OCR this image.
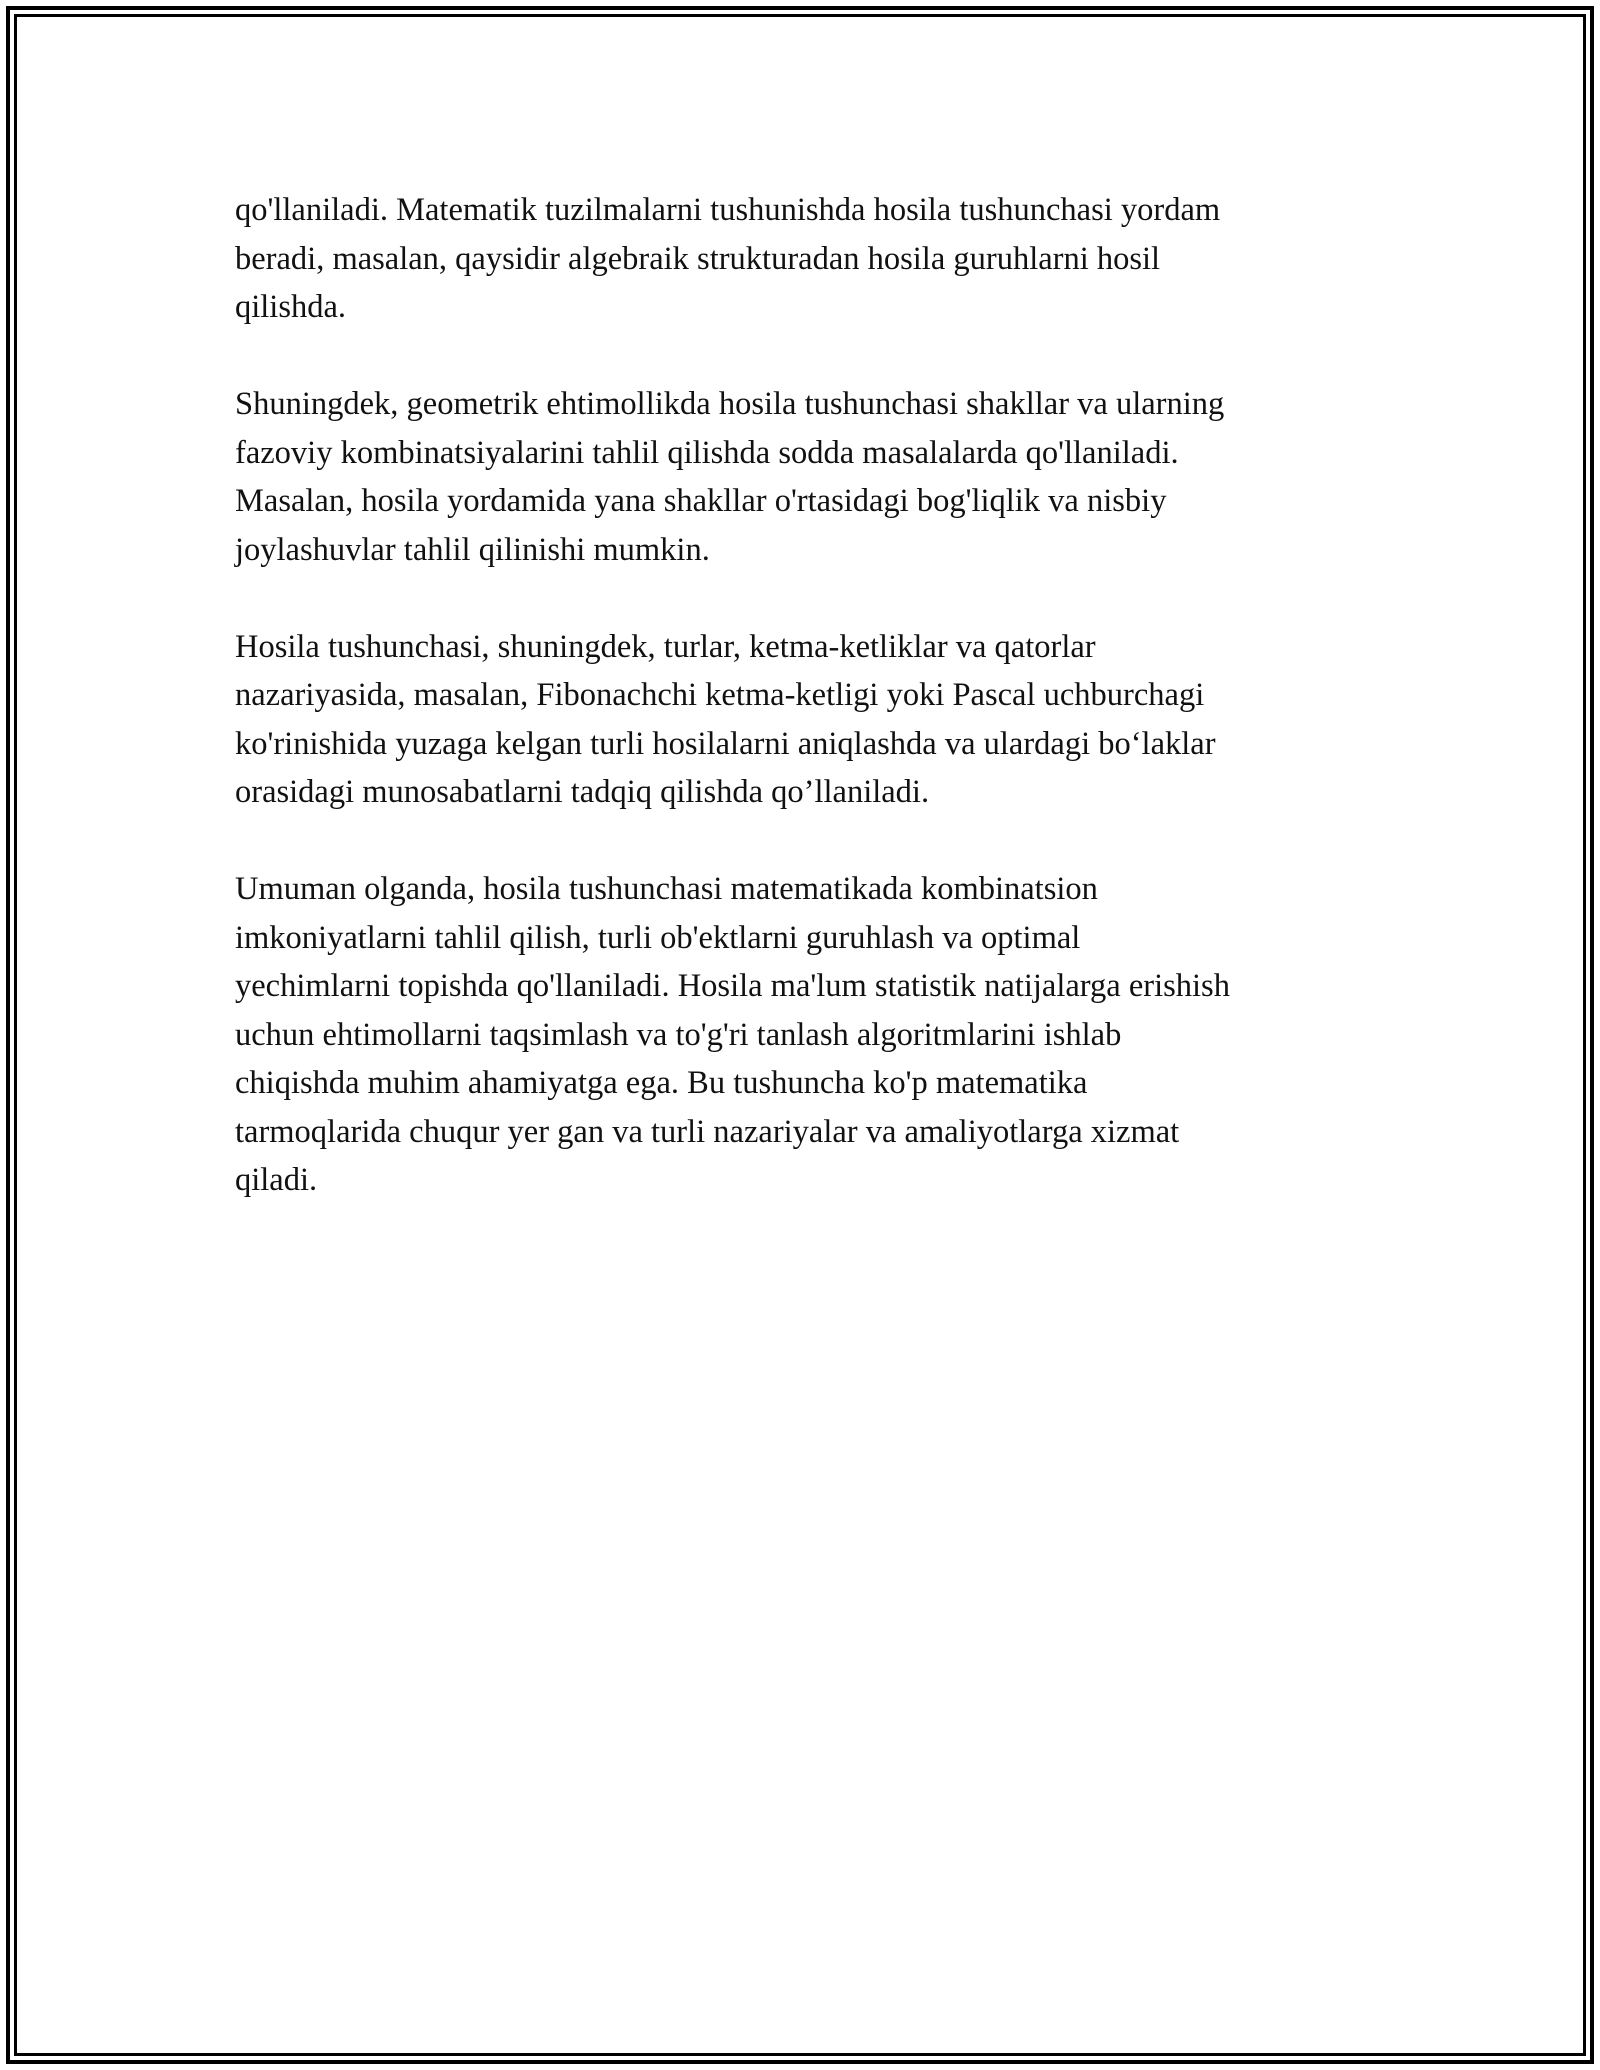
qo'llaniladi. Matematik tuzilmalarni tushunishda hosila tushunchasi yordam
beradi, masalan, qaysidir algebraik strukturadan hosila guruhlarni hosil
qilishda.

Shuningdek, geometrik ehtimollikda hosila tushunchasi shakllar va ularning
fazoviy kombinatsiyalarini tahlil qilishda sodda masalalarda qo'llaniladi.
Masalan, hosila yordamida yana shakllar o'rtasidagi bog'liqlik va nisbiy
joylashuvlar tahlil qilinishi mumkin.

Hosila tushunchasi, shuningdek, turlar, ketma-ketliklar va qatorlar
nazariyasida, masalan, Fibonachchi ketma-ketligi yoki Pascal uchburchagi
ko'rinishida yuzaga kelgan turli hosilalarni aniqlashda va ulardagi bo‘laklar
orasidagi munosabatlarni tadqiq qilishda qo’llaniladi.

Umuman olganda, hosila tushunchasi matematikada kombinatsion
imkoniyatlarni tahlil qilish, turli ob'ektlarni guruhlash va optimal
yechimlarni topishda qo'llaniladi. Hosila ma'lum statistik natijalarga erishish
uchun ehtimollarni taqsimlash va to'g'ri tanlash algoritmlarini ishlab
chiqishda muhim ahamiyatga ega. Bu tushuncha ko'p matematika
tarmoqlarida chuqur yer gan va turli nazariyalar va amaliyotlarga xizmat
qiladi.
